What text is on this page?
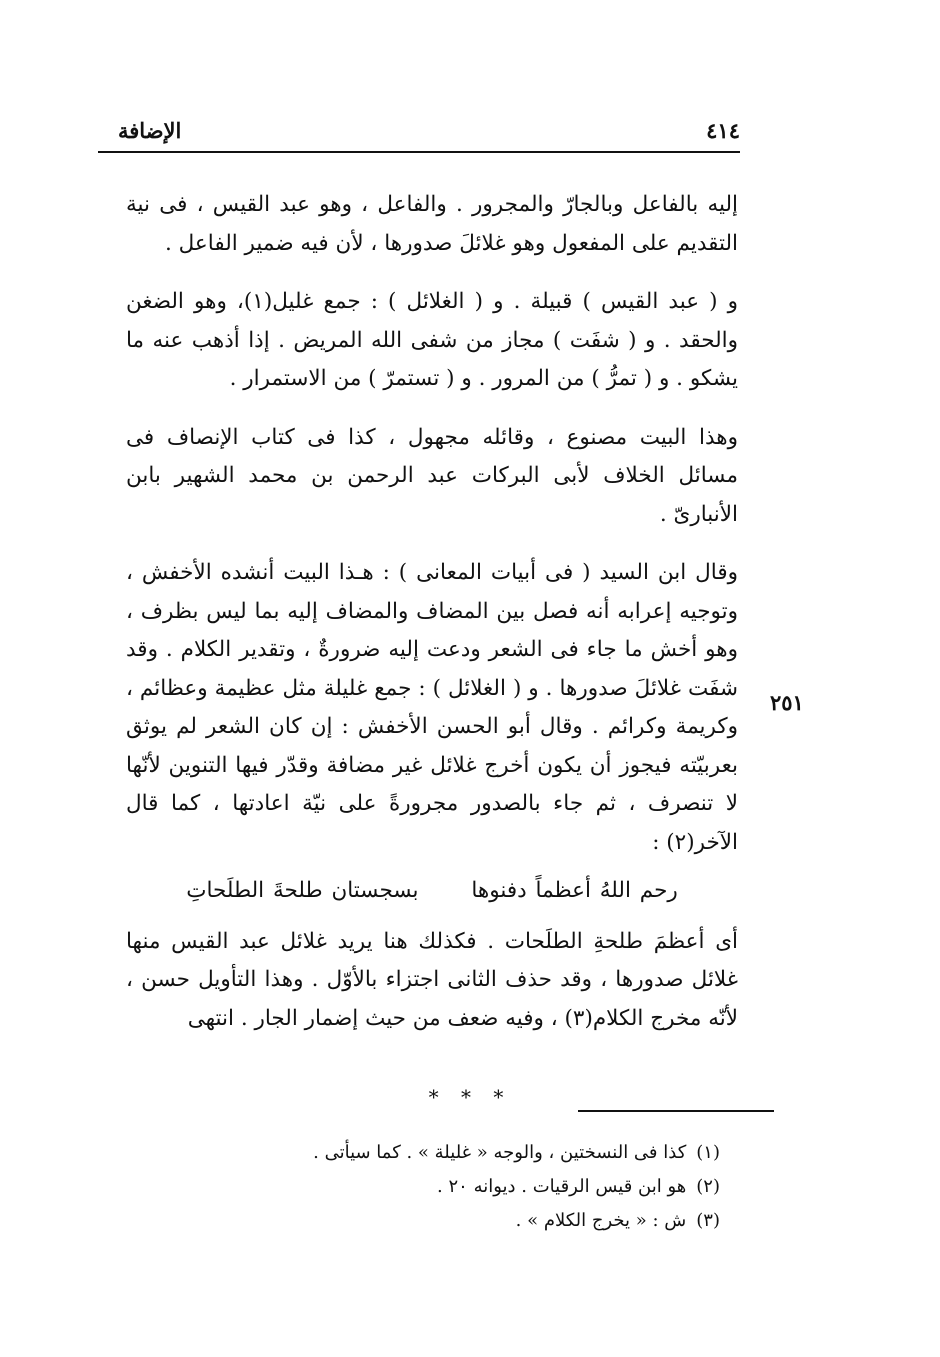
٤١٤
الإضافة
٢٥١

إليه بالفاعل وبالجارّ والمجرور . والفاعل ، وهو عبد القيس ، فى نية التقديم على المفعول وهو غلائلَ صدورها ، لأن فيه ضمير الفاعل .

و ( عبد القيس ) قبيلة . و ( الغلائل ) : جمع غليل(١)، وهو الضغن والحقد . و ( شفَت ) مجاز من شفى الله المريض . إذا أذهب عنه ما يشكو . و ( تمرُّ ) من المرور . و ( تستمرّ ) من الاستمرار .

وهذا البيت مصنوع ، وقائله مجهول ، كذا فى كتاب الإنصاف فى مسائل الخلاف لأبى البركات عبد الرحمن بن محمد الشهير بابن الأنبارىّ .

وقال ابن السيد ( فى أبيات المعانى ) : هـذا البيت أنشده الأخفش ، وتوجيه إعرابه أنه فصل بين المضاف والمضاف إليه بما ليس بظرف ، وهو أخش ما جاء فى الشعر ودعت إليه ضرورةٌ ، وتقدير الكلام . وقد شفَت غلائلَ صدورها . و ( الغلائل ) : جمع غليلة مثل عظيمة وعظائم ، وكريمة وكرائم . وقال أبو الحسن الأخفش : إن كان الشعر لم يوثق بعربيّته فيجوز أن يكون أخرج غلائل غير مضافة وقدّر فيها التنوين لأنّها لا تنصرف ، ثم جاء بالصدور مجرورةً على نيّة اعادتها ، كما قال الآخر(٢) :

رحم اللهُ أعظماً دفنوها بسجستان طلحةَ الطلَحاتِ

أى أعظمَ طلحةِ الطلَحات . فكذلك هنا يريد غلائل عبد القيس منها غلائل صدورها ، وقد حذف الثانى اجتزاء بالأوّل . وهذا التأويل حسن ، لأنّه مخرج الكلام(٣) ، وفيه ضعف من حيث إضمار الجار . انتهى

* * *
(١)كذا فى النسختين ، والوجه « غليلة » . كما سيأتى .
(٢)هو ابن قيس الرقيات . ديوانه ٢٠ .
(٣)ش : « يخرج الكلام » .
